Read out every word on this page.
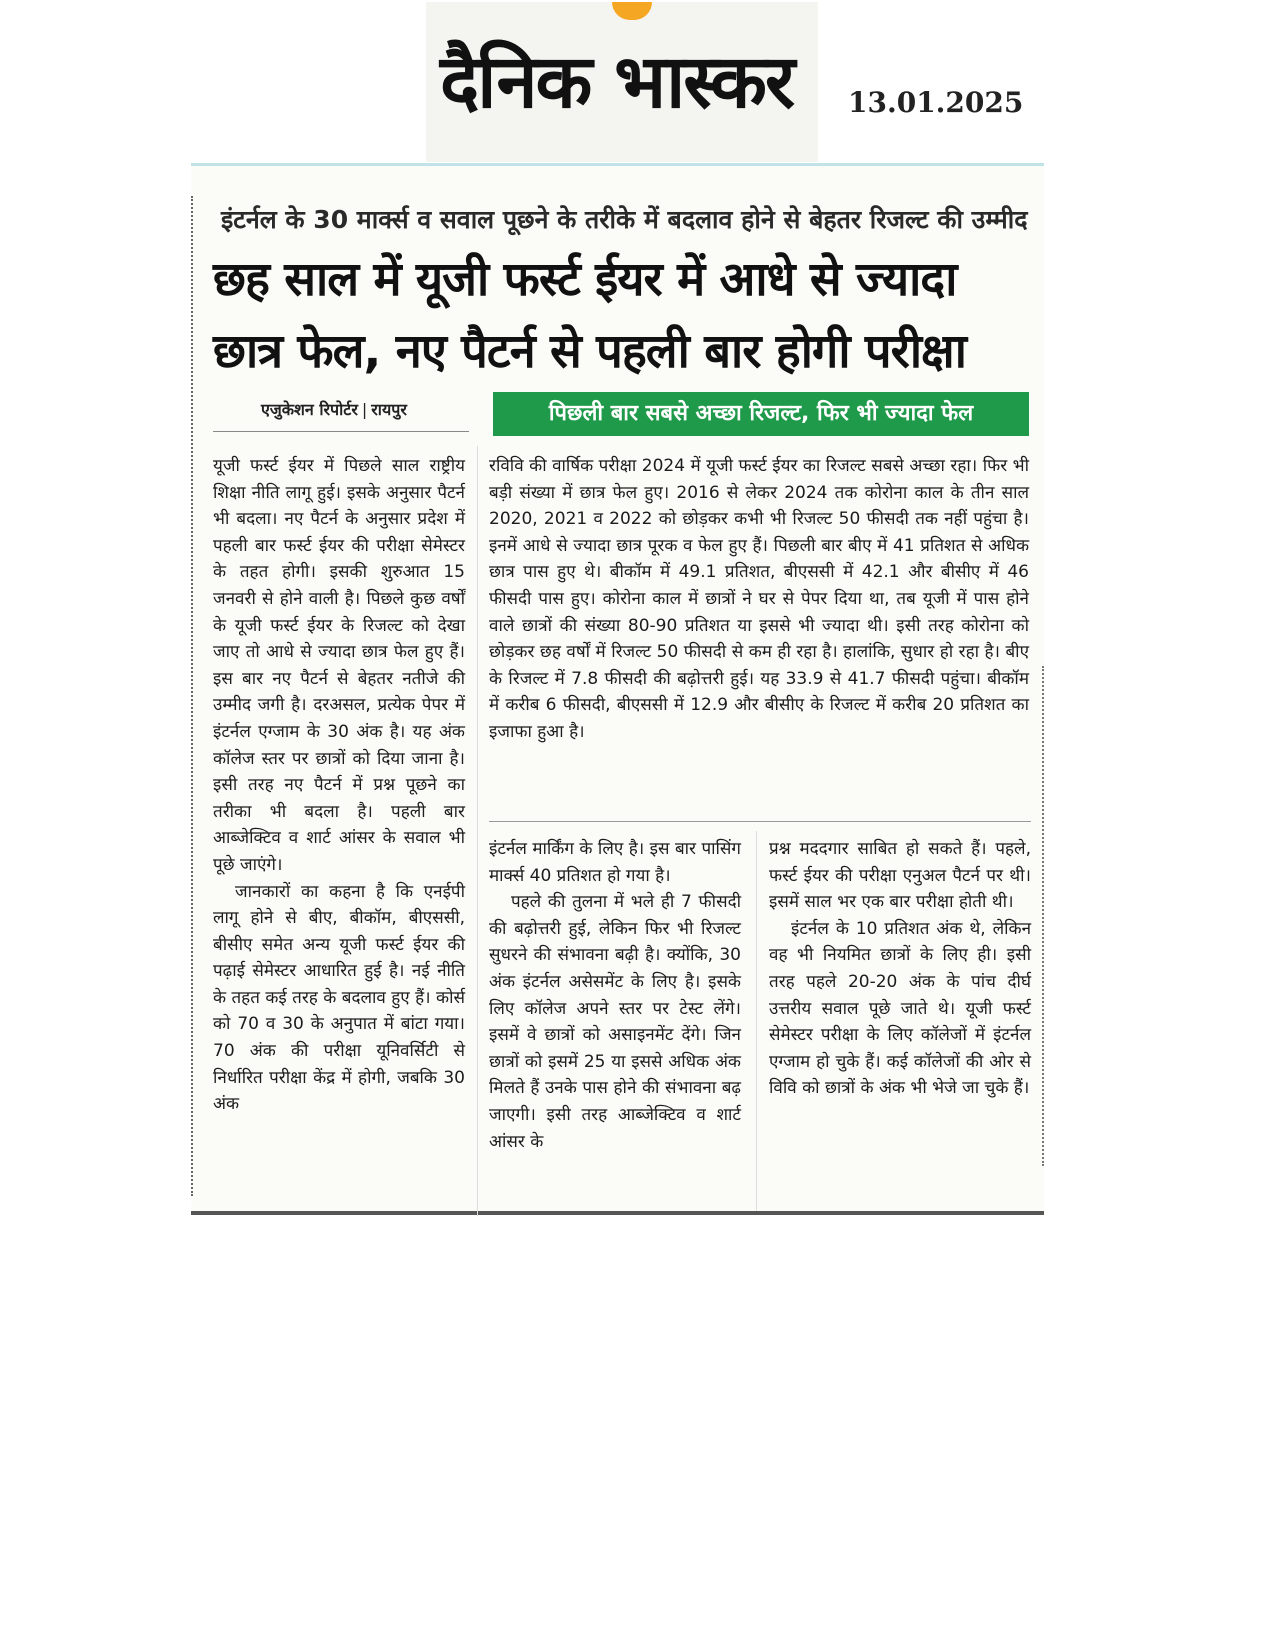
दैनिक भास्कर 13.01.2025
इंटर्नल के 30 मार्क्स व सवाल पूछने के तरीके में बदलाव होने से बेहतर रिजल्ट की उम्मीद
छह साल में यूजी फर्स्ट ईयर में आधे से ज्यादा छात्र फेल, नए पैटर्न से पहली बार होगी परीक्षा
एजुकेशन रिपोर्टर | रायपुर	पिछली बार सबसे अच्छा रिजल्ट, फिर भी ज्यादा फेल

यूजी फर्स्ट ईयर में पिछले साल राष्ट्रीय शिक्षा नीति लागू हुई। इसके अनुसार पैटर्न भी बदला। नए पैटर्न के अनुसार प्रदेश में पहली बार फर्स्ट ईयर की परीक्षा सेमेस्टर के तहत होगी। इसकी शुरुआत 15 जनवरी से होने वाली है। पिछले कुछ वर्षों के यूजी फर्स्ट ईयर के रिजल्ट को देखा जाए तो आधे से ज्यादा छात्र फेल हुए हैं। इस बार नए पैटर्न से बेहतर नतीजे की उम्मीद जगी है। दरअसल, प्रत्येक पेपर में इंटर्नल एग्जाम के 30 अंक है। यह अंक कॉलेज स्तर पर छात्रों को दिया जाना है। इसी तरह नए पैटर्न में प्रश्न पूछने का तरीका भी बदला है। पहली बार आब्जेक्टिव व शार्ट आंसर के सवाल भी पूछे जाएंगे।

जानकारों का कहना है कि एनईपी लागू होने से बीए, बीकॉम, बीएससी, बीसीए समेत अन्य यूजी फर्स्ट ईयर की पढ़ाई सेमेस्टर आधारित हुई है। नई नीति के तहत कई तरह के बदलाव हुए हैं। कोर्स को 70 व 30 के अनुपात में बांटा गया। 70 अंक की परीक्षा यूनिवर्सिटी से निर्धारित परीक्षा केंद्र में होगी, जबकि 30 अंक

रविवि की वार्षिक परीक्षा 2024 में यूजी फर्स्ट ईयर का रिजल्ट सबसे अच्छा रहा। फिर भी बड़ी संख्या में छात्र फेल हुए। 2016 से लेकर 2024 तक कोरोना काल के तीन साल 2020, 2021 व 2022 को छोड़कर कभी भी रिजल्ट 50 फीसदी तक नहीं पहुंचा है। इनमें आधे से ज्यादा छात्र पूरक व फेल हुए हैं। पिछली बार बीए में 41 प्रतिशत से अधिक छात्र पास हुए थे। बीकॉम में 49.1 प्रतिशत, बीएससी में 42.1 और बीसीए में 46 फीसदी पास हुए। कोरोना काल में छात्रों ने घर से पेपर दिया था, तब यूजी में पास होने वाले छात्रों की संख्या 80-90 प्रतिशत या इससे भी ज्यादा थी। इसी तरह कोरोना को छोड़कर छह वर्षों में रिजल्ट 50 फीसदी से कम ही रहा है। हालांकि, सुधार हो रहा है। बीए के रिजल्ट में 7.8 फीसदी की बढ़ोत्तरी हुई। यह 33.9 से 41.7 फीसदी पहुंचा। बीकॉम में करीब 6 फीसदी, बीएससी में 12.9 और बीसीए के रिजल्ट में करीब 20 प्रतिशत का इजाफा हुआ है।

इंटर्नल मार्किंग के लिए है। इस बार पासिंग मार्क्स 40 प्रतिशत हो गया है।

पहले की तुलना में भले ही 7 फीसदी की बढ़ोत्तरी हुई, लेकिन फिर भी रिजल्ट सुधरने की संभावना बढ़ी है। क्योंकि, 30 अंक इंटर्नल असेसमेंट के लिए है। इसके लिए कॉलेज अपने स्तर पर टेस्ट लेंगे। इसमें वे छात्रों को असाइनमेंट देंगे। जिन छात्रों को इसमें 25 या इससे अधिक अंक मिलते हैं उनके पास होने की संभावना बढ़ जाएगी। इसी तरह आब्जेक्टिव व शार्ट आंसर के

प्रश्न मददगार साबित हो सकते हैं। पहले, फर्स्ट ईयर की परीक्षा एनुअल पैटर्न पर थी। इसमें साल भर एक बार परीक्षा होती थी।

इंटर्नल के 10 प्रतिशत अंक थे, लेकिन वह भी नियमित छात्रों के लिए ही। इसी तरह पहले 20-20 अंक के पांच दीर्घ उत्तरीय सवाल पूछे जाते थे। यूजी फर्स्ट सेमेस्टर परीक्षा के लिए कॉलेजों में इंटर्नल एग्जाम हो चुके हैं। कई कॉलेजों की ओर से विवि को छात्रों के अंक भी भेजे जा चुके हैं।
